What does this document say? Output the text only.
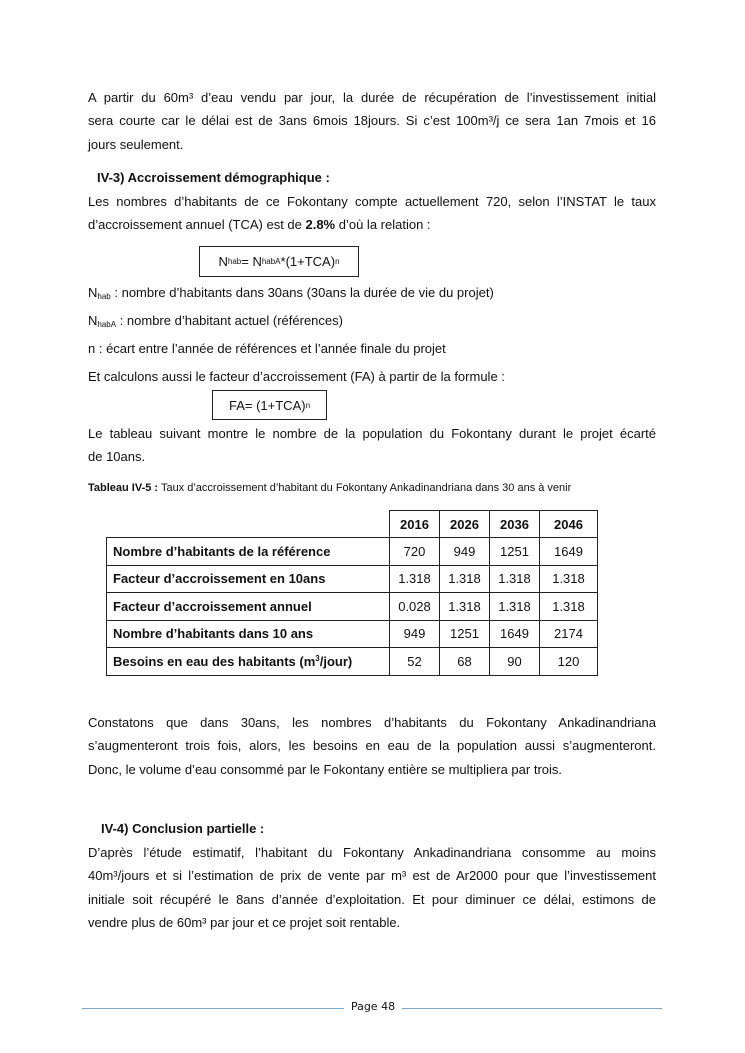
A partir du 60m³ d’eau vendu par jour, la durée de récupération de l’investissement initial
sera courte car le délai est de 3ans 6mois 18jours. Si c’est 100m³/j ce sera 1an 7mois et 16
jours seulement.

IV-3) Accroissement démographique :

Les nombres d’habitants de ce Fokontany compte actuellement 720, selon l’INSTAT le taux
d’accroissement annuel (TCA) est de 2.8% d’où la relation :

N hab = N habA *(1+TCA) n
$N_{hab}$ : nombre d’habitants dans 30ans (30ans la durée de vie du projet)
$N_{habA}$ : nombre d’habitant actuel (références)
n : écart entre l’année de références et l’année finale du projet

Et calculons aussi le facteur d’accroissement (FA) à partir de la formule :

FA= (1+TCA) n

Le tableau suivant montre le nombre de la population du Fokontany durant le projet écarté
de 10ans.

Tableau IV-5 : Taux d’accroissement d’habitant du Fokontany Ankadinandriana dans 30 ans à venir

	2016	2026	2036	2046
Nombre d’habitants de la référence	720	949	1251	1649
Facteur d’accroissement en 10ans	1.318	1.318	1.318	1.318
Facteur d’accroissement annuel	0.028	1.318	1.318	1.318
Nombre d’habitants dans 10 ans	949	1251	1649	2174
Besoins en eau des habitants $(m^3/jour)$	52	68	90	120

Constatons que dans 30ans, les nombres d’habitants du Fokontany Ankadinandriana
s’augmenteront trois fois, alors, les besoins en eau de la population aussi s’augmenteront.
Donc, le volume d’eau consommé par le Fokontany entière se multipliera par trois.

IV-4) Conclusion partielle :

D’après l’étude estimatif, l’habitant du Fokontany Ankadinandriana consomme au moins
40m³/jours et si l’estimation de prix de vente par m³ est de Ar2000 pour que l’investissement
initiale soit récupéré le 8ans d’année d’exploitation. Et pour diminuer ce délai, estimons de
vendre plus de 60m³ par jour et ce projet soit rentable.

Page 48
